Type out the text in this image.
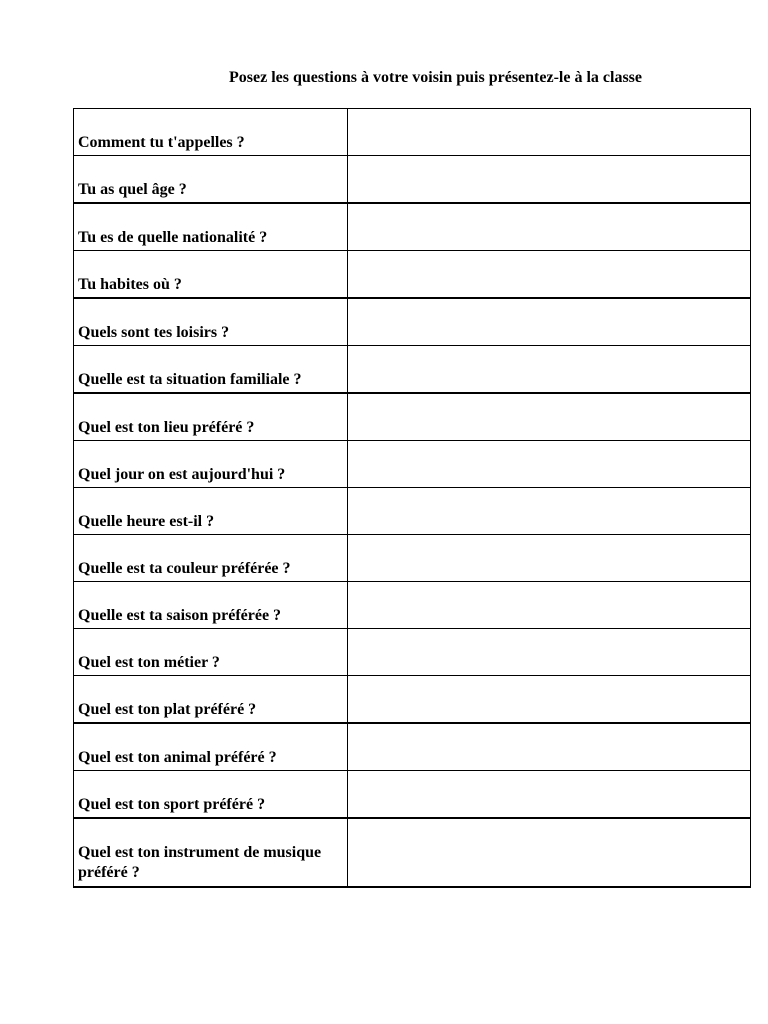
Posez les questions à votre voisin puis présentez-le à la classe
Comment tu t'appelles ?	
Tu as quel âge ?	
Tu es de quelle nationalité ?	
Tu habites où ?	
Quels sont tes loisirs ?	
Quelle est ta situation familiale ?	
Quel est ton lieu préféré ?	
Quel jour on est aujourd'hui ?	
Quelle heure est-il ?	
Quelle est ta couleur préférée ?	
Quelle est ta saison préférée ?	
Quel est ton métier ?	
Quel est ton plat préféré ?	
Quel est ton animal préféré ?	
Quel est ton sport préféré ?	
Quel est ton instrument de musique préféré ?	
